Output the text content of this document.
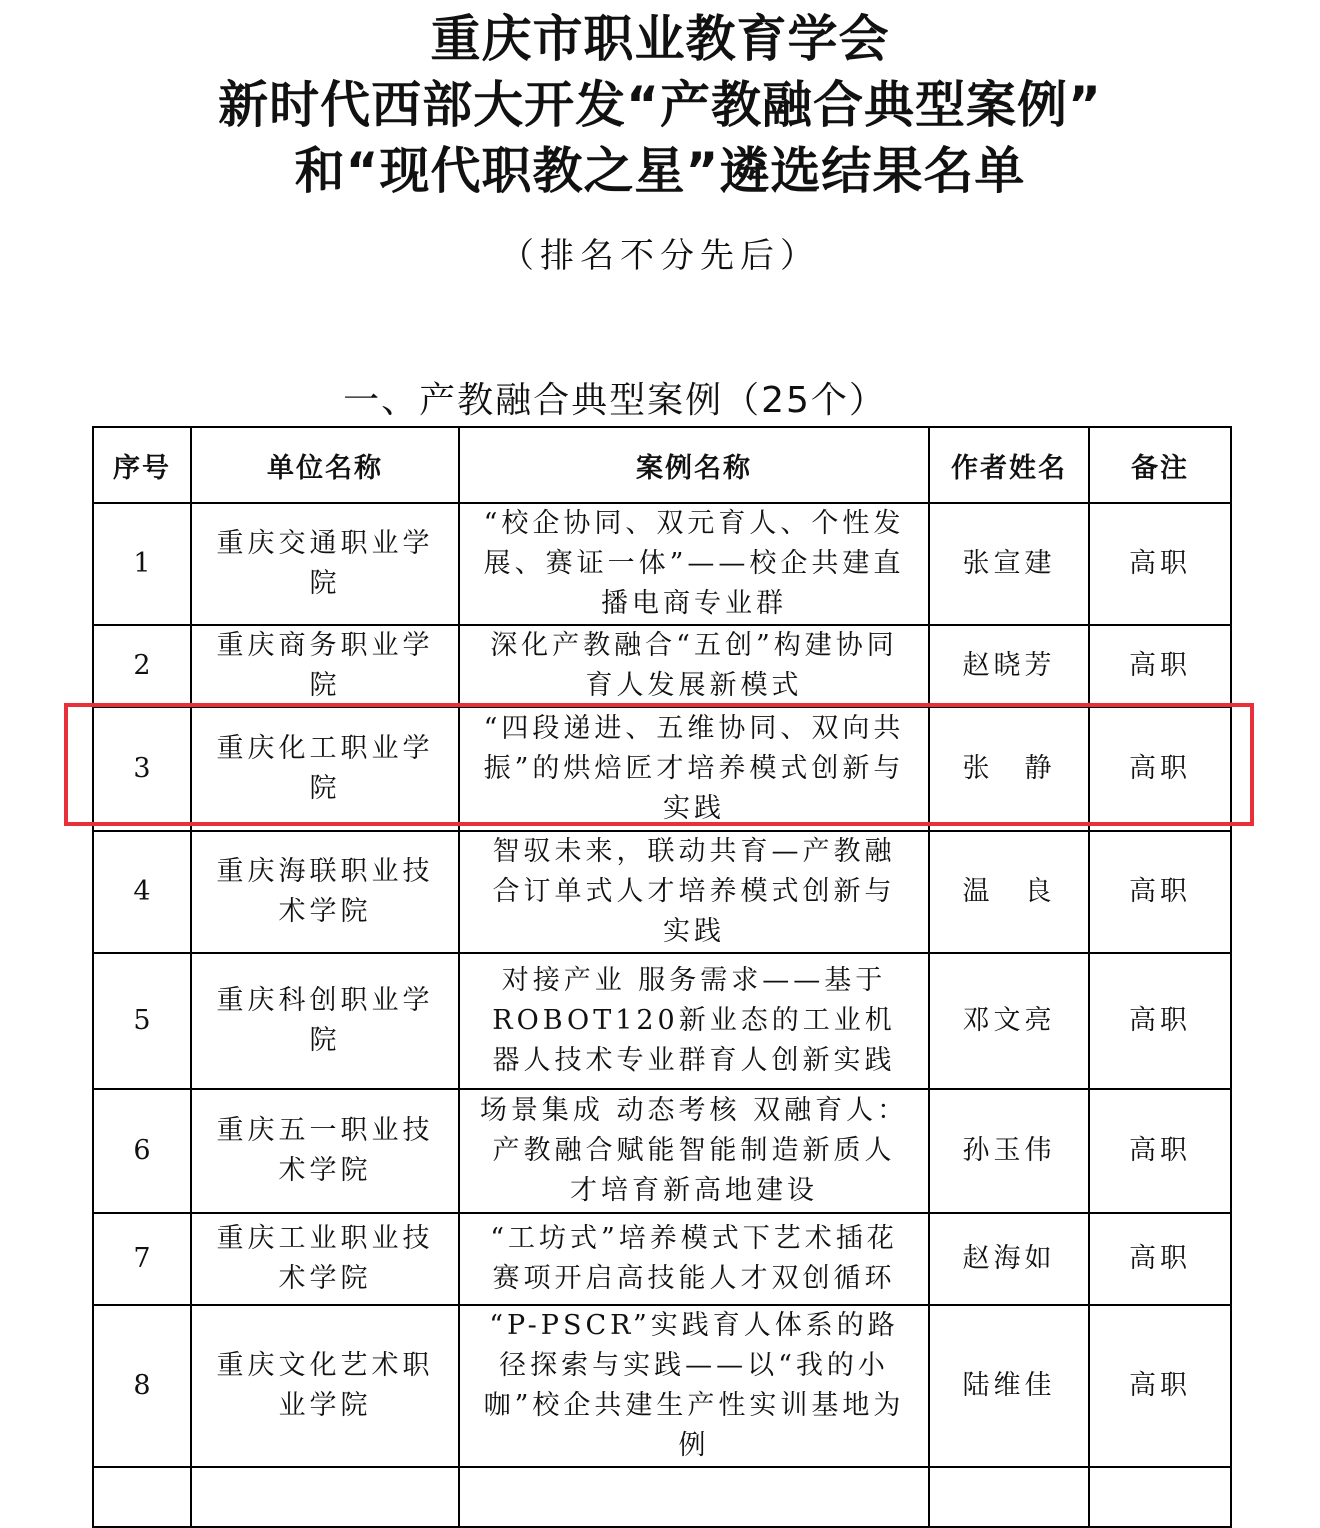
重庆市职业教育学会
新时代西部大开发“产教融合典型案例”
和“现代职教之星”遴选结果名单
（排名不分先后）
一、产教融合典型案例（25个）
序号	单位名称	案例名称	作者姓名	备注
1	重庆交通职业学院	“校企协同、双元育人、个性发展、赛证一体”——校企共建直播电商专业群	张宣建	高职
2	重庆商务职业学院	深化产教融合“五创”构建协同育人发展新模式	赵晓芳	高职
3	重庆化工职业学院	“四段递进、五维协同、双向共振”的烘焙匠才培养模式创新与实践	张　静	高职
4	重庆海联职业技术学院	智驭未来，联动共育—产教融合订单式人才培养模式创新与实践	温　良	高职
5	重庆科创职业学院	对接产业 服务需求——基于ROBOT120新业态的工业机器人技术专业群育人创新实践	邓文亮	高职
6	重庆五一职业技术学院	场景集成 动态考核 双融育人：产教融合赋能智能制造新质人才培育新高地建设	孙玉伟	高职
7	重庆工业职业技术学院	“工坊式”培养模式下艺术插花赛项开启高技能人才双创循环	赵海如	高职
8	重庆文化艺术职业学院	“P-PSCR”实践育人体系的路径探索与实践——以“我的小咖”校企共建生产性实训基地为例	陆维佳	高职
